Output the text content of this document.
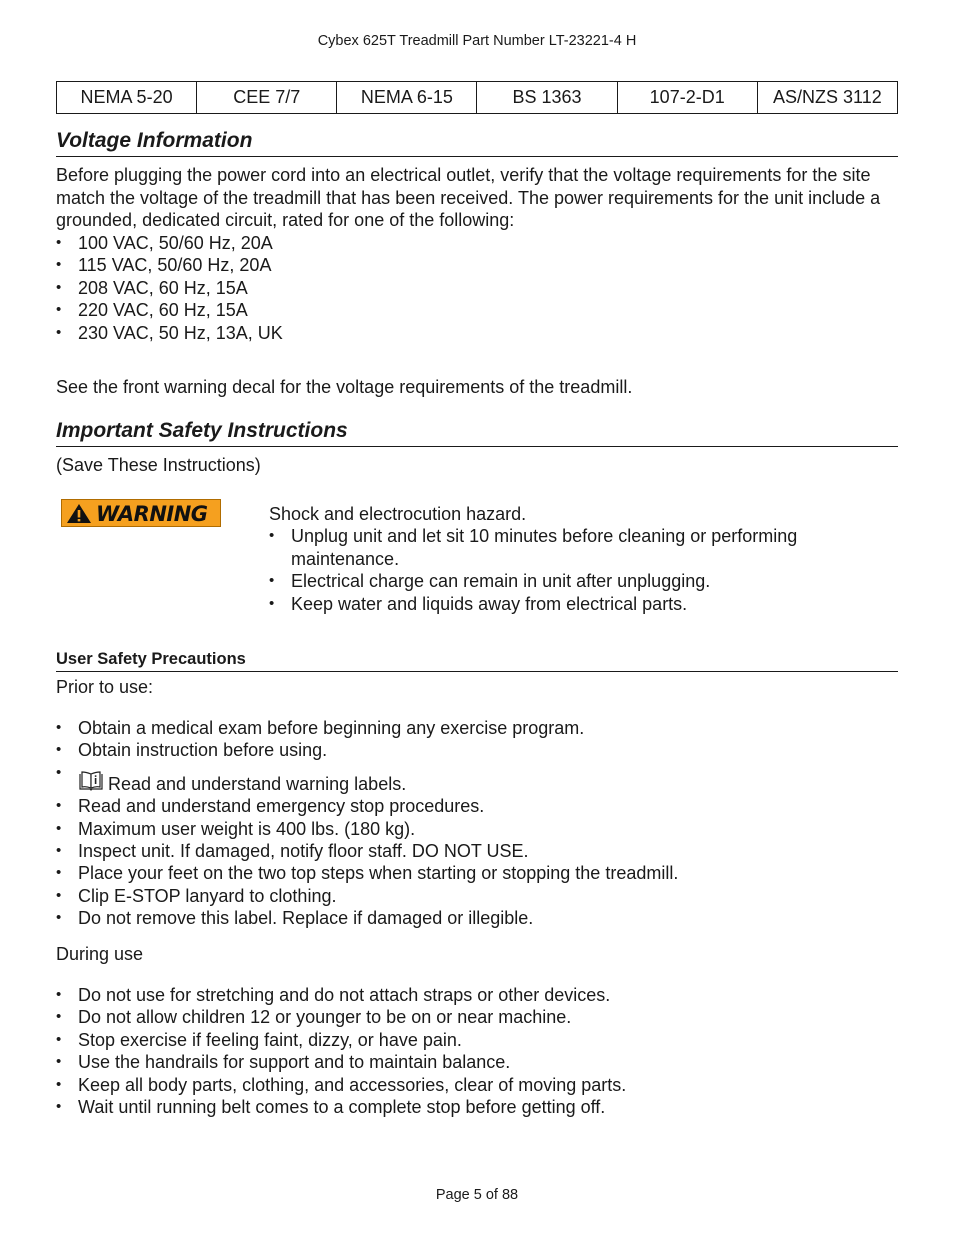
Cybex 625T Treadmill Part Number LT-23221-4 H
NEMA 5-20	CEE 7/7	NEMA 6-15	BS 1363	107-2-D1	AS/NZS 3112
Voltage Information

Before plugging the power cord into an electrical outlet, verify that the voltage requirements for the site match the voltage of the treadmill that has been received. The power requirements for the unit include a grounded, dedicated circuit, rated for one of the following:

• 100 VAC, 50/60 Hz, 20A
• 115 VAC, 50/60 Hz, 20A
• 208 VAC, 60 Hz, 15A
• 220 VAC, 60 Hz, 15A
• 230 VAC, 50 Hz, 13A, UK

See the front warning decal for the voltage requirements of the treadmill.

Important Safety Instructions

(Save These Instructions)

WARNING	Shock and electrocution hazard.
• Unplug unit and let sit 10 minutes before cleaning or performing maintenance.
• Electrical charge can remain in unit after unplugging.
• Keep water and liquids away from electrical parts.
User Safety Precautions

Prior to use:

• Obtain a medical exam before beginning any exercise program.
• Obtain instruction before using.
• Read and understand warning labels.
• Read and understand emergency stop procedures.
• Maximum user weight is 400 lbs. (180 kg).
• Inspect unit. If damaged, notify floor staff. DO NOT USE.
• Place your feet on the two top steps when starting or stopping the treadmill.
• Clip E-STOP lanyard to clothing.
• Do not remove this label. Replace if damaged or illegible.

During use

• Do not use for stretching and do not attach straps or other devices.
• Do not allow children 12 or younger to be on or near machine.
• Stop exercise if feeling faint, dizzy, or have pain.
• Use the handrails for support and to maintain balance.
• Keep all body parts, clothing, and accessories, clear of moving parts.
• Wait until running belt comes to a complete stop before getting off.
Page 5 of 88
